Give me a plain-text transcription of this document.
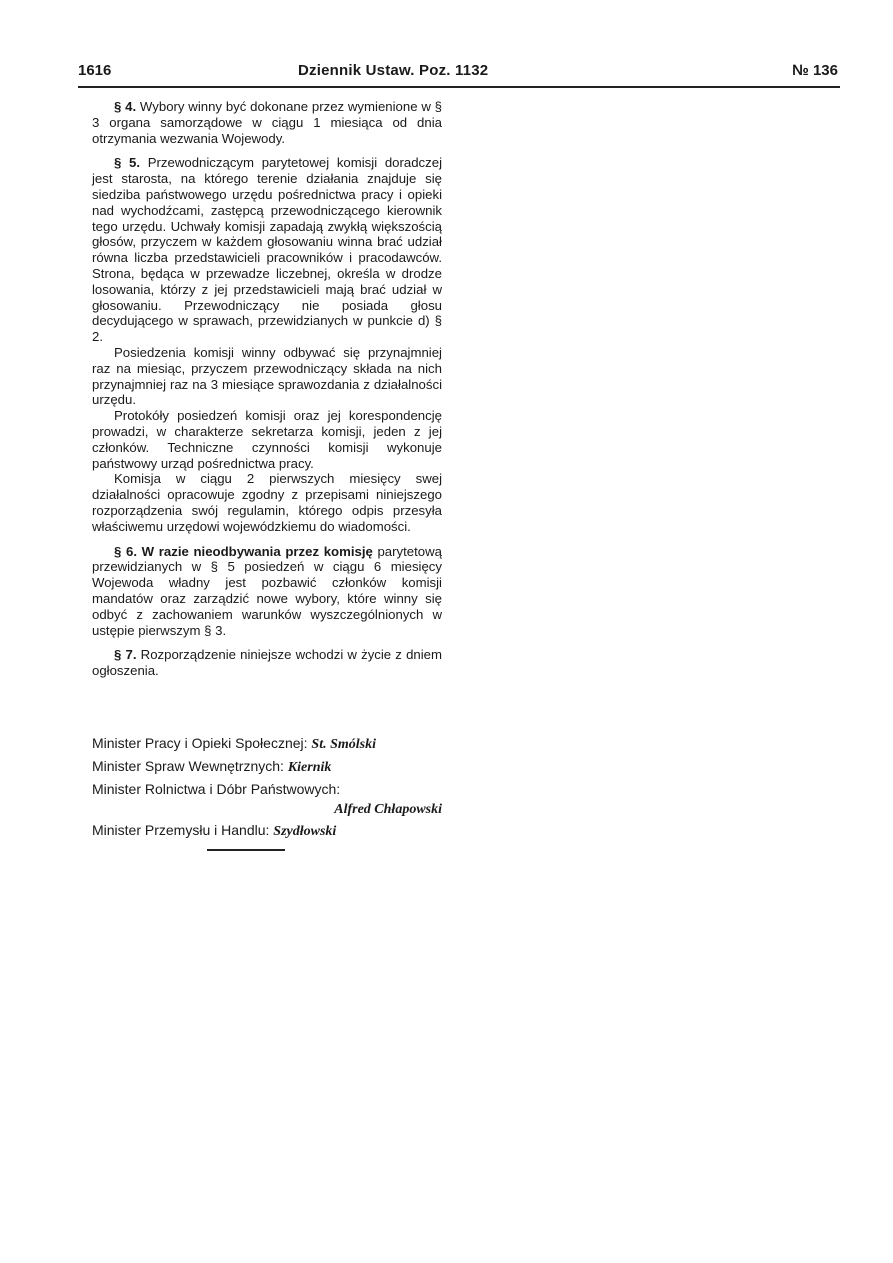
1616	Dziennik Ustaw. Poz. 1132	№ 136

§ 4. Wybory winny być dokonane przez wymienione w § 3 organa samorządowe w ciągu 1 miesiąca od dnia otrzymania wezwania Wojewody.

§ 5. Przewodniczącym parytetowej komisji doradczej jest starosta, na którego terenie działania znajduje się siedziba państwowego urzędu pośrednictwa pracy i opieki nad wychodźcami, zastępcą przewodniczącego kierownik tego urzędu. Uchwały komisji zapadają zwykłą większością głosów, przyczem w każdem głosowaniu winna brać udział równa liczba przedstawicieli pracowników i pracodawców. Strona, będąca w przewadze liczebnej, określa w drodze losowania, którzy z jej przedstawicieli mają brać udział w głosowaniu. Przewodniczący nie posiada głosu decydującego w sprawach, przewidzianych w punkcie d) § 2.

Posiedzenia komisji winny odbywać się przynajmniej raz na miesiąc, przyczem przewodniczący składa na nich przynajmniej raz na 3 miesiące sprawozdania z działalności urzędu.

Protokóły posiedzeń komisji oraz jej korespondencję prowadzi, w charakterze sekretarza komisji, jeden z jej członków. Techniczne czynności komisji wykonuje państwowy urząd pośrednictwa pracy.

Komisja w ciągu 2 pierwszych miesięcy swej działalności opracowuje zgodny z przepisami niniejszego rozporządzenia swój regulamin, którego odpis przesyła właściwemu urzędowi wojewódzkiemu do wiadomości.

§ 6. W razie nieodbywania przez komisję parytetową przewidzianych w § 5 posiedzeń w ciągu 6 miesięcy Wojewoda władny jest pozbawić członków komisji mandatów oraz zarządzić nowe wybory, które winny się odbyć z zachowaniem warunków wyszczególnionych w ustępie pierwszym § 3.

§ 7. Rozporządzenie niniejsze wchodzi w życie z dniem ogłoszenia.

Minister Pracy i Opieki Społecznej: St. Smólski
Minister Spraw Wewnętrznych: Kiernik
Minister Rolnictwa i Dóbr Państwowych:
Alfred Chłapowski
Minister Przemysłu i Handlu: Szydłowski
